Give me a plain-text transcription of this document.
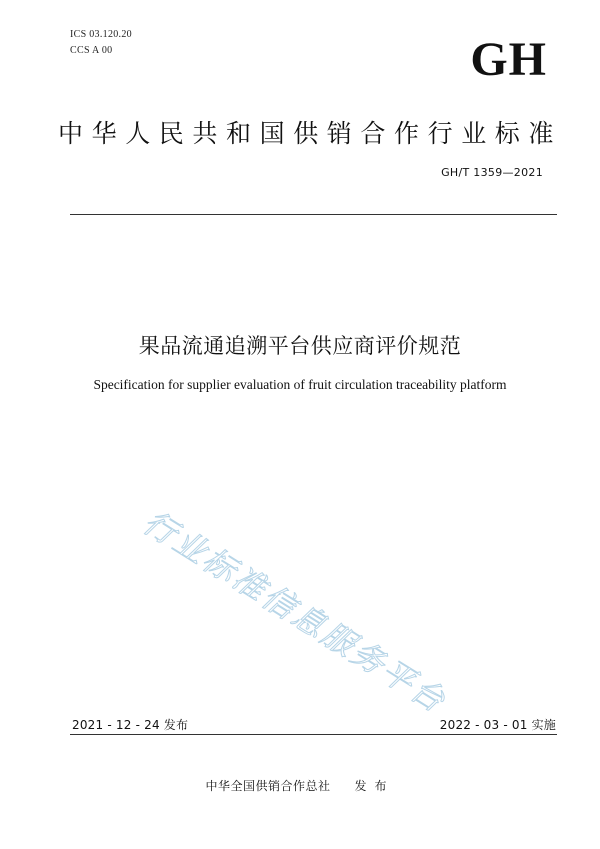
ICS 03.120.20
CCS A 00	GH
中华人民共和国供销合作行业标准
GH/T 1359—2021
果品流通追溯平台供应商评价规范
Specification for supplier evaluation of fruit circulation traceability platform
行业标准信息服务平台
2021 - 12 - 24 发布	2022 - 03 - 01 实施
中华全国供销合作总社 发布
